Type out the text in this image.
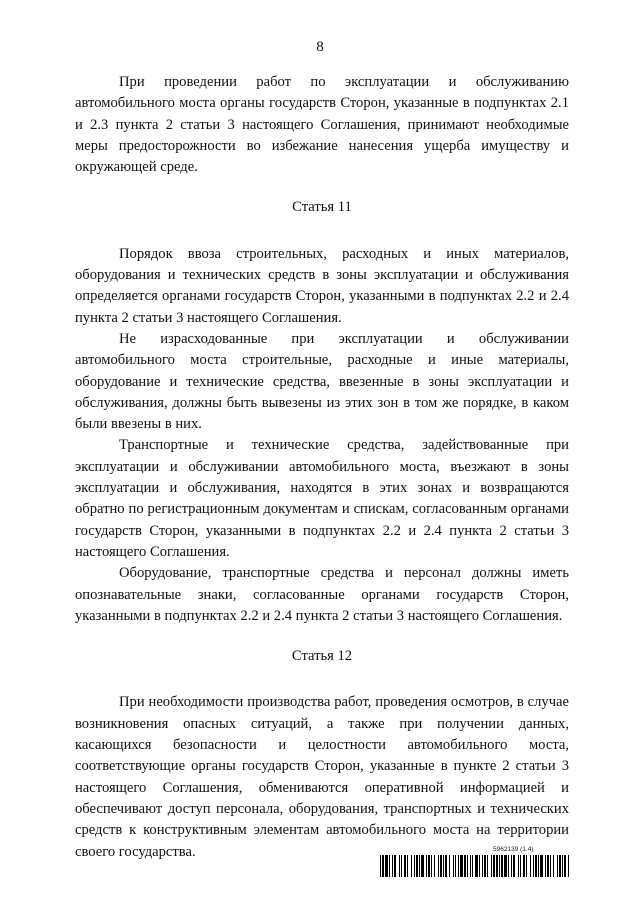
8

При проведении работ по эксплуатации и обслуживанию автомобильного моста органы государств Сторон, указанные в подпунктах 2.1 и 2.3 пункта 2 статьи 3 настоящего Соглашения, принимают необходимые меры предосторожности во избежание нанесения ущерба имуществу и окружающей среде.

Статья 11

Порядок ввоза строительных, расходных и иных материалов, оборудования и технических средств в зоны эксплуатации и обслуживания определяется органами государств Сторон, указанными в подпунктах 2.2 и 2.4 пункта 2 статьи 3 настоящего Соглашения.

Не израсходованные при эксплуатации и обслуживании автомобильного моста строительные, расходные и иные материалы, оборудование и технические средства, ввезенные в зоны эксплуатации и обслуживания, должны быть вывезены из этих зон в том же порядке, в каком были ввезены в них.

Транспортные и технические средства, задействованные при эксплуатации и обслуживании автомобильного моста, въезжают в зоны эксплуатации и обслуживания, находятся в этих зонах и возвращаются обратно по регистрационным документам и спискам, согласованным органами государств Сторон, указанными в подпунктах 2.2 и 2.4 пункта 2 статьи 3 настоящего Соглашения.

Оборудование, транспортные средства и персонал должны иметь опознавательные знаки, согласованные органами государств Сторон, указанными в подпунктах 2.2 и 2.4 пункта 2 статьи 3 настоящего Соглашения.

Статья 12

При необходимости производства работ, проведения осмотров, в случае возникновения опасных ситуаций, а также при получении данных, касающихся безопасности и целостности автомобильного моста, соответствующие органы государств Сторон, указанные в пункте 2 статьи 3 настоящего Соглашения, обмениваются оперативной информацией и обеспечивают доступ персонала, оборудования, транспортных и технических средств к конструктивным элементам автомобильного моста на территории своего государства.	5962139 (1.4)
